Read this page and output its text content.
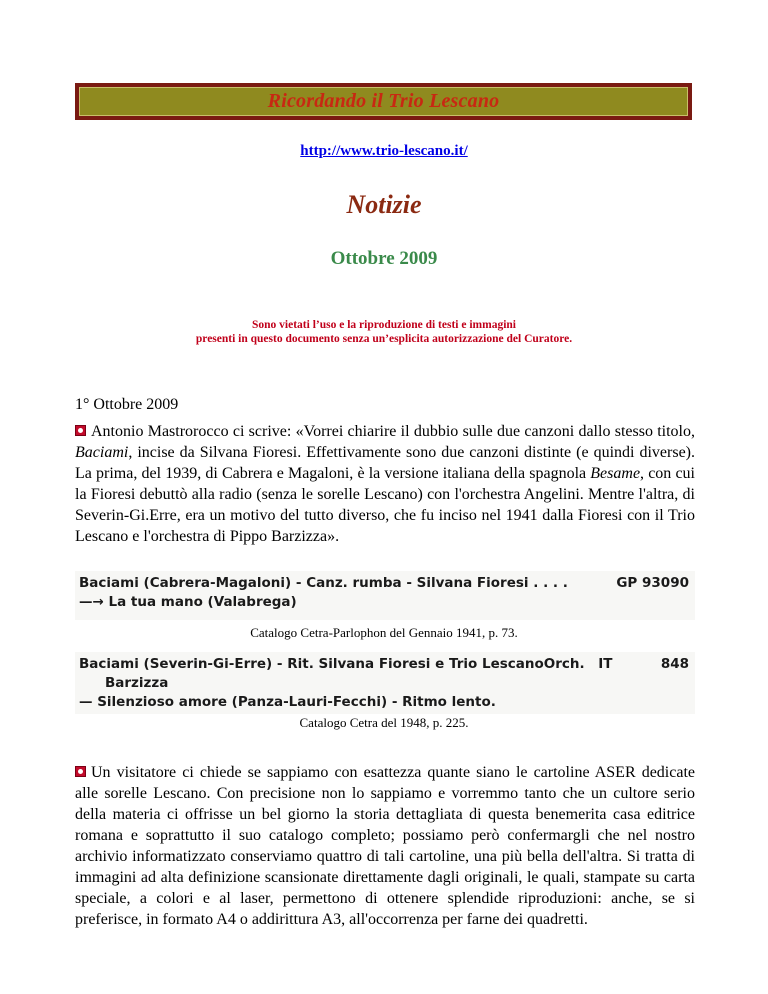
Ricordando il Trio Lescano
http://www.trio-lescano.it/
Notizie
Ottobre 2009
Sono vietati l’uso e la riproduzione di testi e immagini
presenti in questo documento senza un’esplicita autorizzazione del Curatore.
1° Ottobre 2009
Antonio Mastrorocco ci scrive: «Vorrei chiarire il dubbio sulle due canzoni dallo stesso titolo, Baciami, incise da Silvana Fioresi. Effettivamente sono due canzoni distinte (e quindi diverse). La prima, del 1939, di Cabrera e Magaloni, è la versione italiana della spagnola Besame, con cui la Fioresi debuttò alla radio (senza le sorelle Lescano) con l'orchestra Angelini. Mentre l'altra, di Severin-Gi.Erre, era un motivo del tutto diverso, che fu inciso nel 1941 dalla Fioresi con il Trio Lescano e l'orchestra di Pippo Barzizza».
Baciami (Cabrera-Magaloni) - Canz. rumba - Silvana Fioresi . . . .	GP 93090
—→ La tua mano (Valabrega)
Catalogo Cetra-Parlophon del Gennaio 1941, p. 73.
Baciami (Severin-Gi-Erre) - Rit. Silvana Fioresi e Trio Lescano Orch.	IT	848
Barzizza
— Silenzioso amore (Panza-Lauri-Fecchi) - Ritmo lento.
Catalogo Cetra del 1948, p. 225.
Un visitatore ci chiede se sappiamo con esattezza quante siano le cartoline ASER dedicate alle sorelle Lescano. Con precisione non lo sappiamo e vorremmo tanto che un cultore serio della materia ci offrisse un bel giorno la storia dettagliata di questa benemerita casa editrice romana e soprattutto il suo catalogo completo; possiamo però confermargli che nel nostro archivio informatizzato conserviamo quattro di tali cartoline, una più bella dell'altra. Si tratta di immagini ad alta definizione scansionate direttamente dagli originali, le quali, stampate su carta speciale, a colori e al laser, permettono di ottenere splendide riproduzioni: anche, se si preferisce, in formato A4 o addirittura A3, all'occorrenza per farne dei quadretti.
